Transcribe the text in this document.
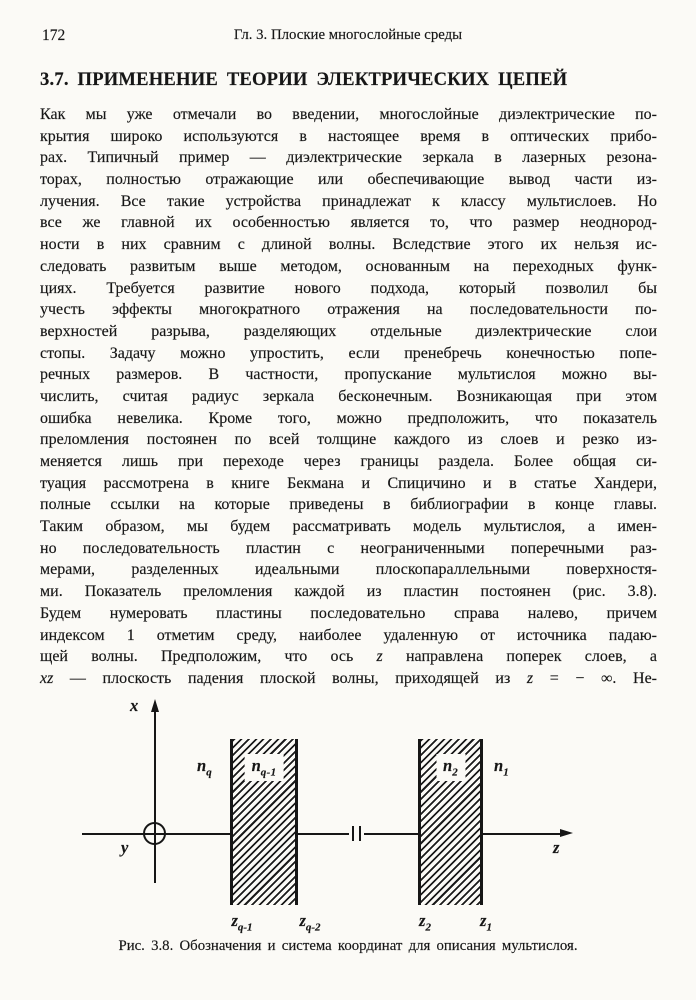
172	Гл. 3. Плоские многослойные среды
3.7. ПРИМЕНЕНИЕ ТЕОРИИ ЭЛЕКТРИЧЕСКИХ ЦЕПЕЙ
Как мы уже отмечали во введении, многослойные диэлектрические по-
крытия широко используются в настоящее время в оптических прибо-
рах. Типичный пример — диэлектрические зеркала в лазерных резона-
торах, полностью отражающие или обеспечивающие вывод части из-
лучения. Все такие устройства принадлежат к классу мультислоев. Но
все же главной их особенностью является то, что размер неоднород-
ности в них сравним с длиной волны. Вследствие этого их нельзя ис-
следовать развитым выше методом, основанным на переходных функ-
циях. Требуется развитие нового подхода, который позволил бы
учесть эффекты многократного отражения на последовательности по-
верхностей разрыва, разделяющих отдельные диэлектрические слои
стопы. Задачу можно упростить, если пренебречь конечностью попе-
речных размеров. В частности, пропускание мультислоя можно вы-
числить, считая радиус зеркала бесконечным. Возникающая при этом
ошибка невелика. Кроме того, можно предположить, что показатель
преломления постоянен по всей толщине каждого из слоев и резко из-
меняется лишь при переходе через границы раздела. Более общая си-
туация рассмотрена в книге Бекмана и Спицичино и в статье Хандери,
полные ссылки на которые приведены в библиографии в конце главы.
Таким образом, мы будем рассматривать модель мультислоя, а имен-
но последовательность пластин с неограниченными поперечными раз-
мерами, разделенных идеальными плоскопараллельными поверхностя-
ми. Показатель преломления каждой из пластин постоянен (рис. 3.8).
Будем нумеровать пластины последовательно справа налево, причем
индексом 1 отметим среду, наиболее удаленную от источника падаю-
щей волны. Предположим, что ось z направлена поперек слоев, а
xz — плоскость падения плоской волны, приходящей из z = − ∞. Не-
z
x
y
$n_{q-1}$
$n_q$	$n_2$	$n_1$
$z_{q-1}$	$z_{q-2}$	$z_2$	$z_1$
Рис. 3.8. Обозначения и система координат для описания мультислоя.
